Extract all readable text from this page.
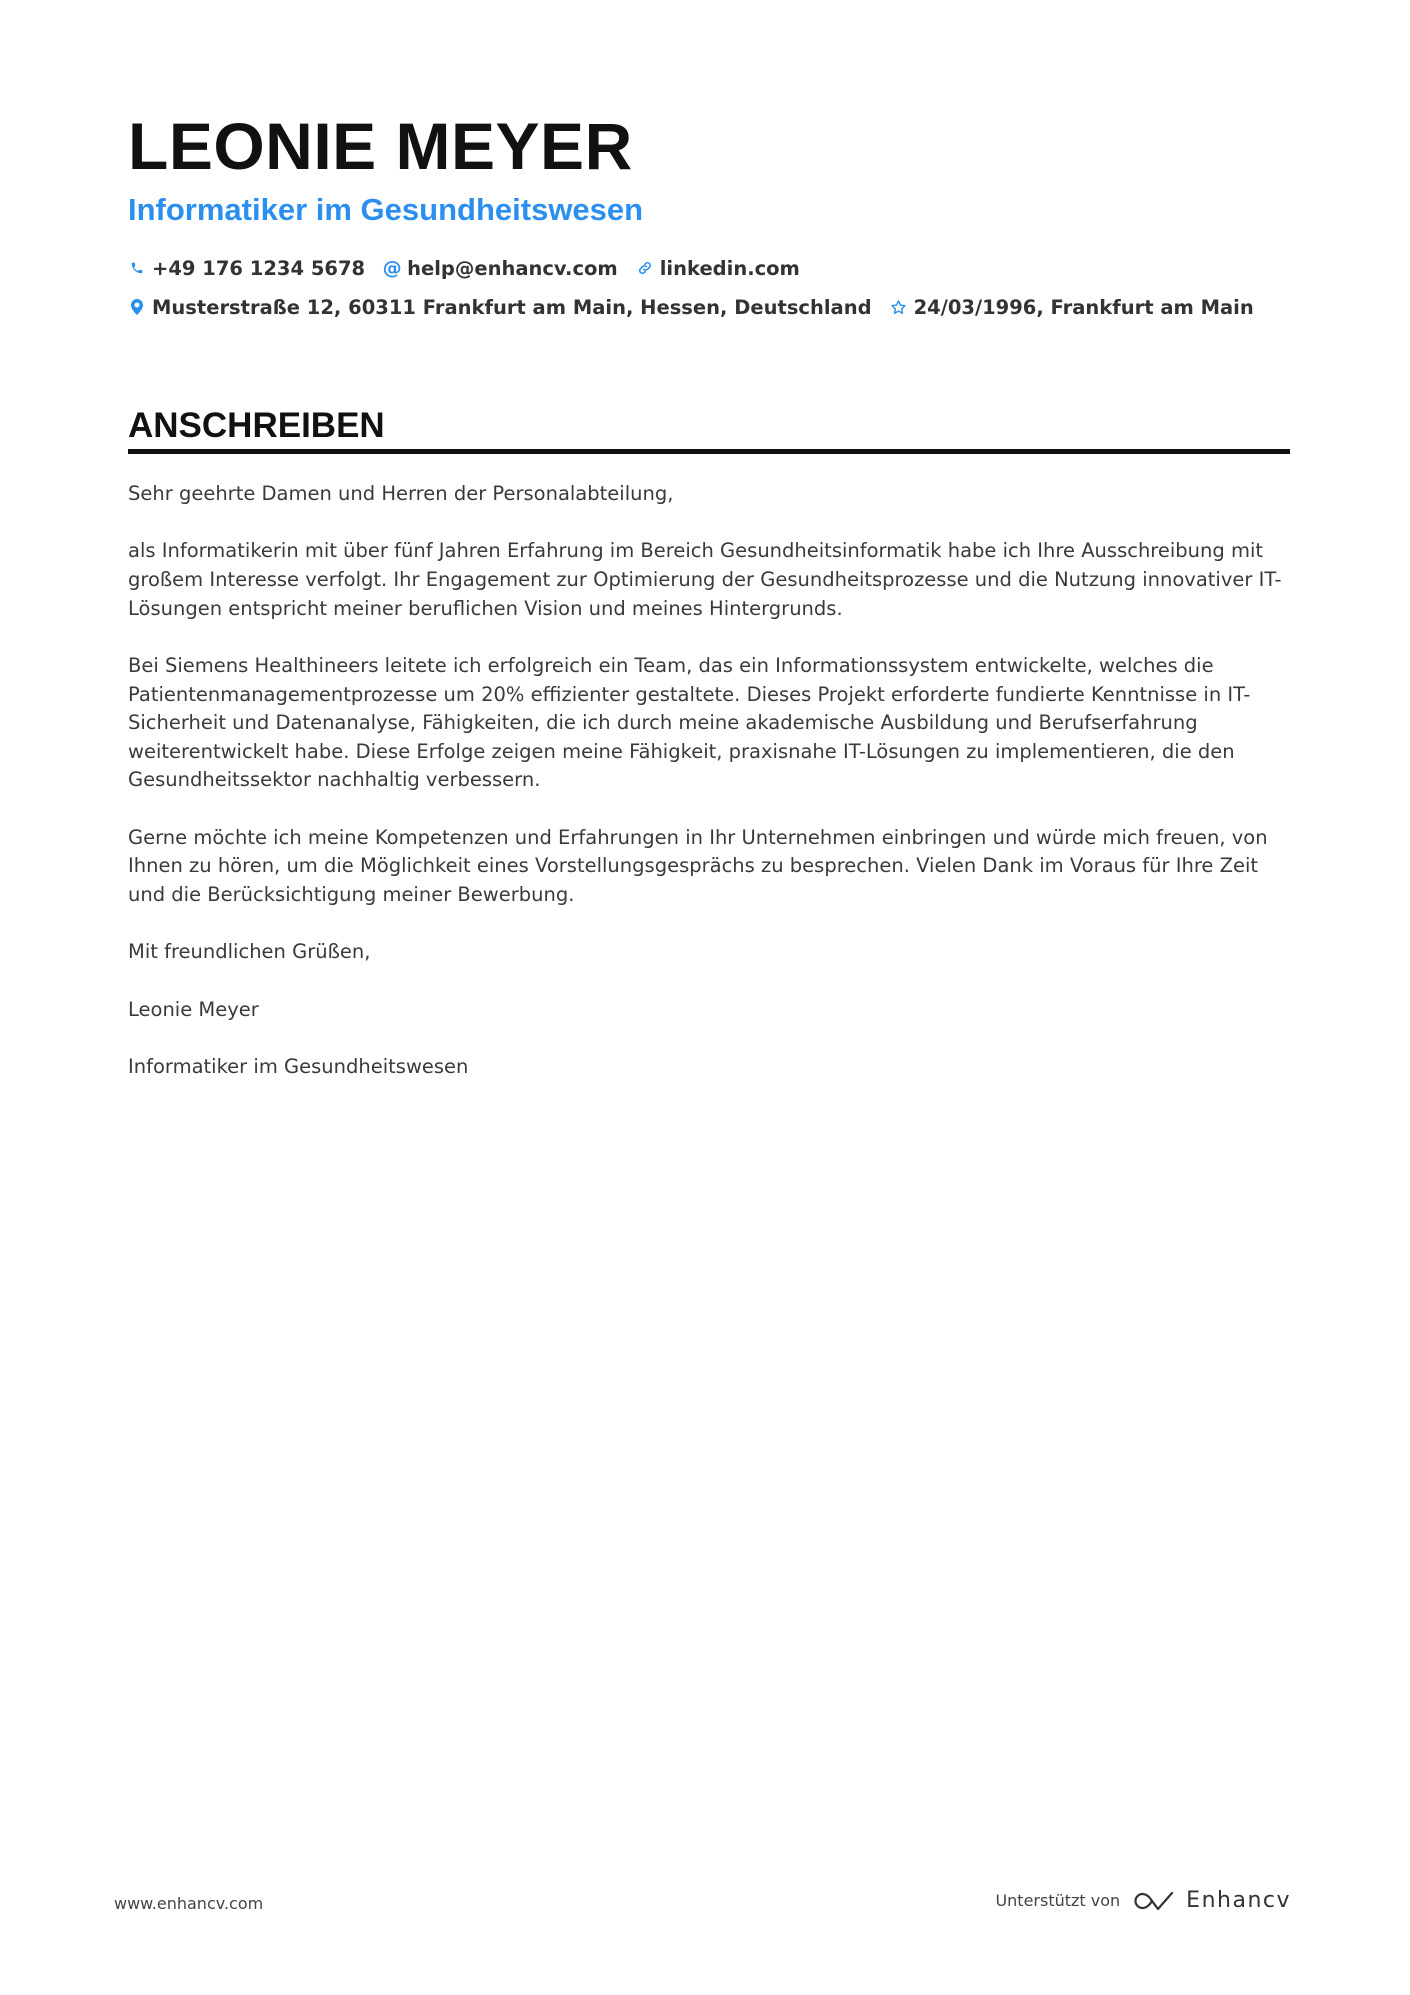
LEONIE MEYER
Informatiker im Gesundheitswesen
+49 176 1234 5678 @ help@enhancv.com linkedin.com
Musterstraße 12, 60311 Frankfurt am Main, Hessen, Deutschland 24/03/1996, Frankfurt am Main
ANSCHREIBEN

Sehr geehrte Damen und Herren der Personalabteilung,

als Informatikerin mit über fünf Jahren Erfahrung im Bereich Gesundheitsinformatik habe ich Ihre Ausschreibung mit großem Interesse verfolgt. Ihr Engagement zur Optimierung der Gesundheitsprozesse und die Nutzung innovativer IT-Lösungen entspricht meiner beruflichen Vision und meines Hintergrunds.

Bei Siemens Healthineers leitete ich erfolgreich ein Team, das ein Informationssystem entwickelte, welches die Patientenmanagementprozesse um 20% effizienter gestaltete. Dieses Projekt erforderte fundierte Kenntnisse in IT-Sicherheit und Datenanalyse, Fähigkeiten, die ich durch meine akademische Ausbildung und Berufserfahrung weiterentwickelt habe. Diese Erfolge zeigen meine Fähigkeit, praxisnahe IT-Lösungen zu implementieren, die den Gesundheitssektor nachhaltig verbessern.

Gerne möchte ich meine Kompetenzen und Erfahrungen in Ihr Unternehmen einbringen und würde mich freuen, von Ihnen zu hören, um die Möglichkeit eines Vorstellungsgesprächs zu besprechen. Vielen Dank im Voraus für Ihre Zeit und die Berücksichtigung meiner Bewerbung.

Mit freundlichen Grüßen,

Leonie Meyer

Informatiker im Gesundheitswesen

www.enhancv.com	Unterstützt von	Enhancv
